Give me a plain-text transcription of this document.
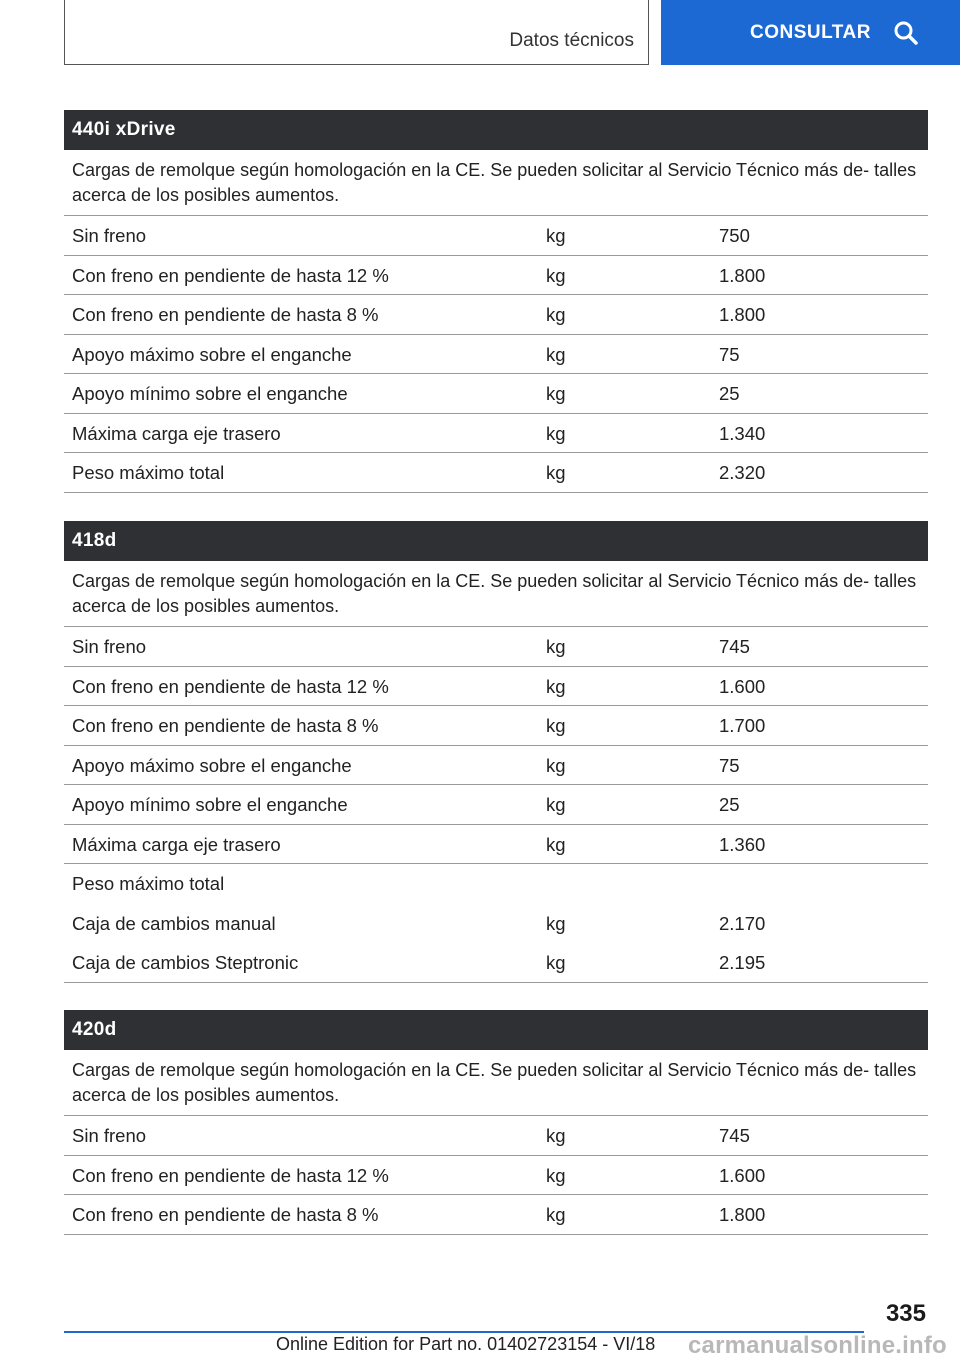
Datos técnicos	CONSULTAR
440i xDrive
Cargas de remolque según homologación en la CE. Se pueden solicitar al Servicio Técnico más de‐ talles acerca de los posibles aumentos.
Sin freno	kg	750
Con freno en pendiente de hasta 12 %	kg	1.800
Con freno en pendiente de hasta 8 %	kg	1.800
Apoyo máximo sobre el enganche	kg	75
Apoyo mínimo sobre el enganche	kg	25
Máxima carga eje trasero	kg	1.340
Peso máximo total	kg	2.320
418d
Cargas de remolque según homologación en la CE. Se pueden solicitar al Servicio Técnico más de‐ talles acerca de los posibles aumentos.
Sin freno	kg	745
Con freno en pendiente de hasta 12 %	kg	1.600
Con freno en pendiente de hasta 8 %	kg	1.700
Apoyo máximo sobre el enganche	kg	75
Apoyo mínimo sobre el enganche	kg	25
Máxima carga eje trasero	kg	1.360
Peso máximo total
Caja de cambios manual	kg	2.170
Caja de cambios Steptronic	kg	2.195
420d
Cargas de remolque según homologación en la CE. Se pueden solicitar al Servicio Técnico más de‐ talles acerca de los posibles aumentos.
Sin freno	kg	745
Con freno en pendiente de hasta 12 %	kg	1.600
Con freno en pendiente de hasta 8 %	kg	1.800
335
Online Edition for Part no. 01402723154 - VI/18 carmanualsonline.info
